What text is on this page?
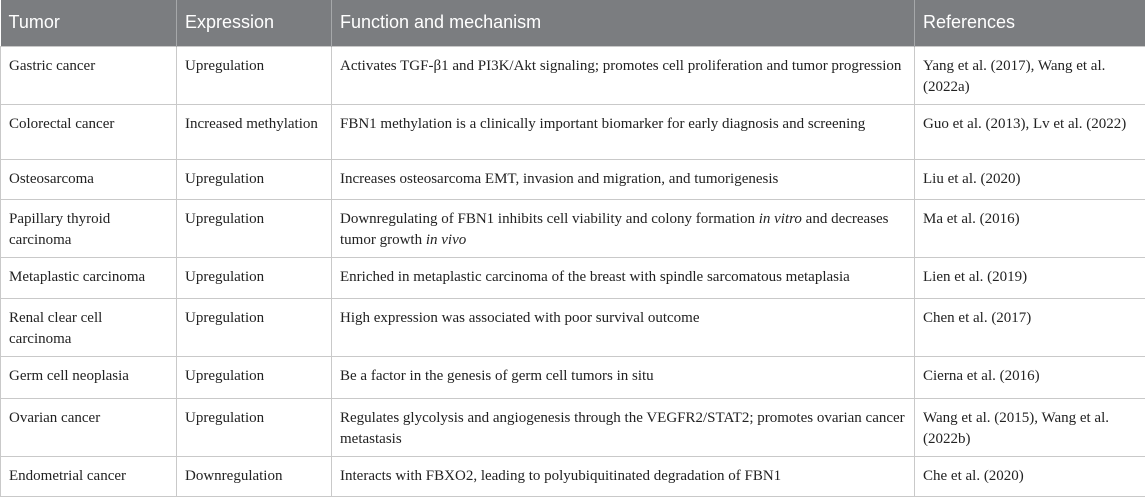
Tumor	Expression	Function and mechanism	References
Gastric cancer	Upregulation	Activates TGF-β1 and PI3K/Akt signaling; promotes cell proliferation and tumor progression	Yang et al. (2017), Wang et al. (2022a)
Colorectal cancer	Increased methylation	FBN1 methylation is a clinically important biomarker for early diagnosis and screening	Guo et al. (2013), Lv et al. (2022)
Osteosarcoma	Upregulation	Increases osteosarcoma EMT, invasion and migration, and tumorigenesis	Liu et al. (2020)
Papillary thyroid carcinoma	Upregulation	Downregulating of FBN1 inhibits cell viability and colony formation in vitro and decreases tumor growth in vivo	Ma et al. (2016)
Metaplastic carcinoma	Upregulation	Enriched in metaplastic carcinoma of the breast with spindle sarcomatous metaplasia	Lien et al. (2019)
Renal clear cell carcinoma	Upregulation	High expression was associated with poor survival outcome	Chen et al. (2017)
Germ cell neoplasia	Upregulation	Be a factor in the genesis of germ cell tumors in situ	Cierna et al. (2016)
Ovarian cancer	Upregulation	Regulates glycolysis and angiogenesis through the VEGFR2/STAT2; promotes ovarian cancer metastasis	Wang et al. (2015), Wang et al. (2022b)
Endometrial cancer	Downregulation	Interacts with FBXO2, leading to polyubiquitinated degradation of FBN1	Che et al. (2020)
